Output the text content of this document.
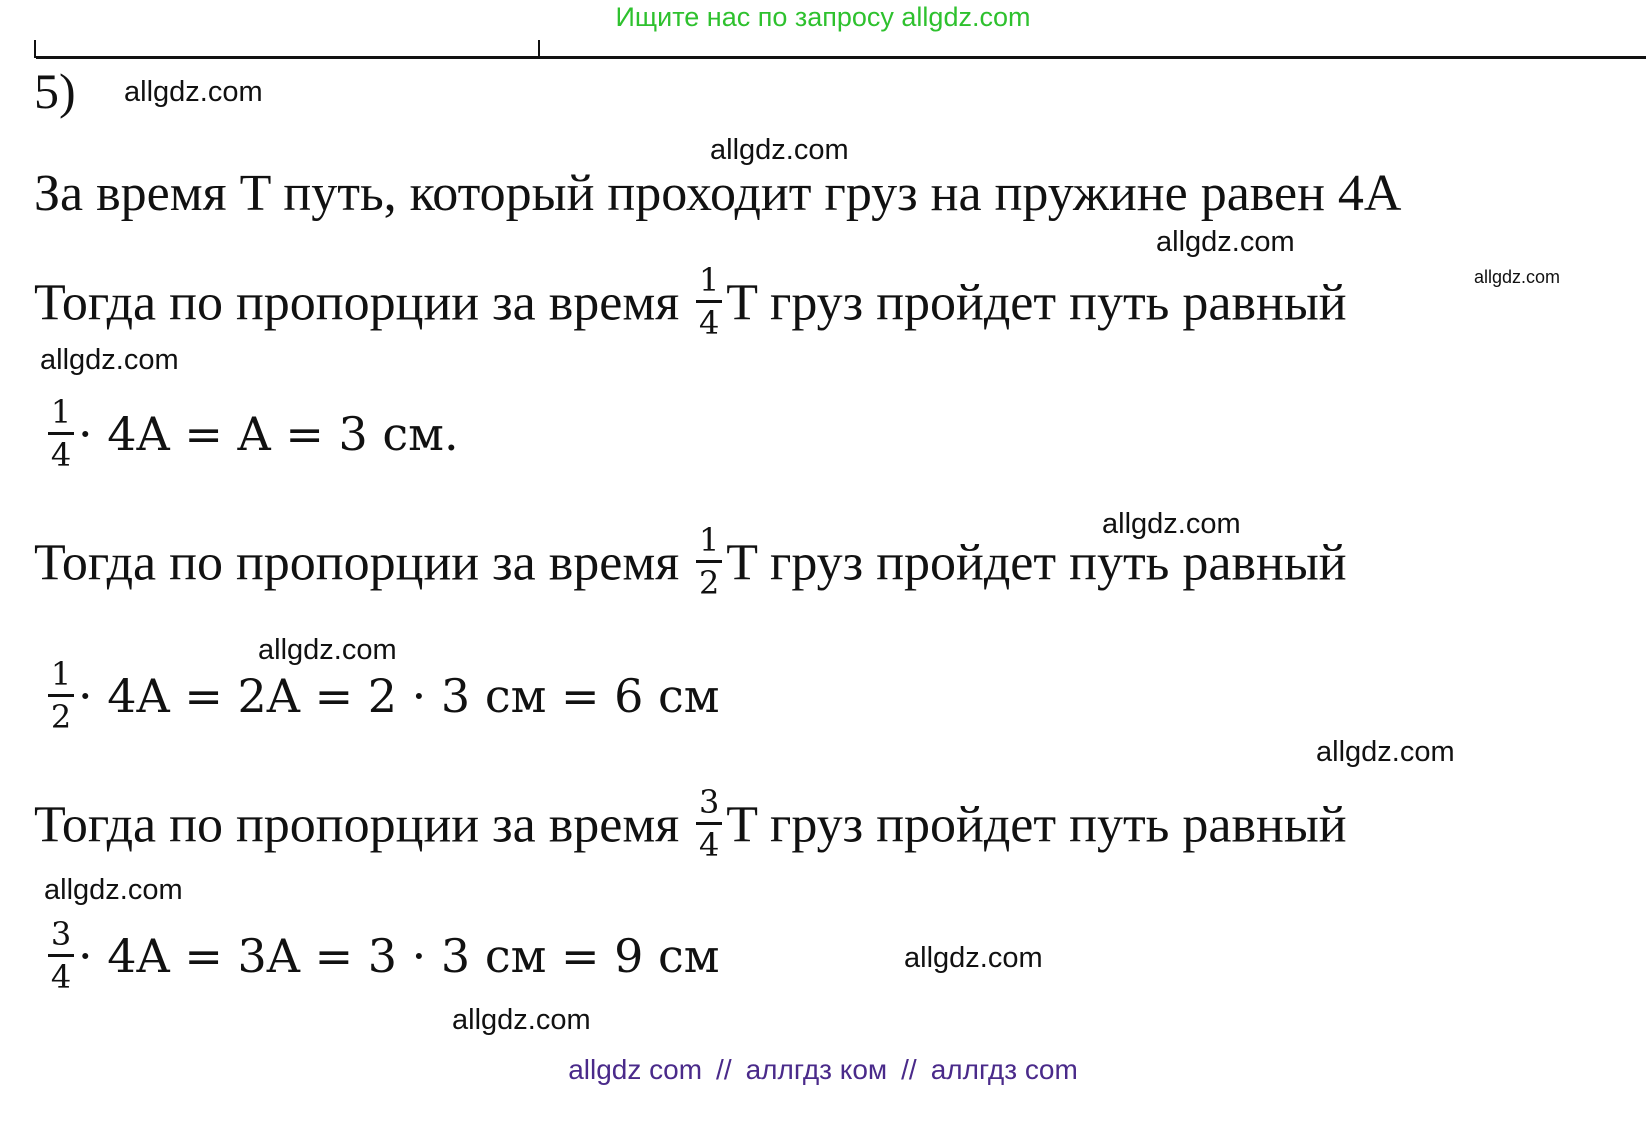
Ищите нас по запросу allgdz.com
5) allgdz.com
allgdz.com
allgdz.com
allgdz.com
allgdz.com
allgdz.com
allgdz.com
allgdz.com
allgdz.com
allgdz.com
allgdz.com
За время T путь, который проходит груз на пружине равен 4A
Тогда по пропорции за время $\frac{1}{4}$ T груз пройдет путь равный
$\frac{1}{4} \cdot 4A = A = 3$ см.
Тогда по пропорции за время $\frac{1}{2}$ T груз пройдет путь равный
$\frac{1}{2} \cdot 4A = 2A = 2 \cdot 3$ см = 6 см
Тогда по пропорции за время $\frac{3}{4}$ T груз пройдет путь равный
$\frac{3}{4} \cdot 4A = 3A = 3 \cdot 3$ см = 9 см
allgdz com // аллгдз ком // аллгдз com
